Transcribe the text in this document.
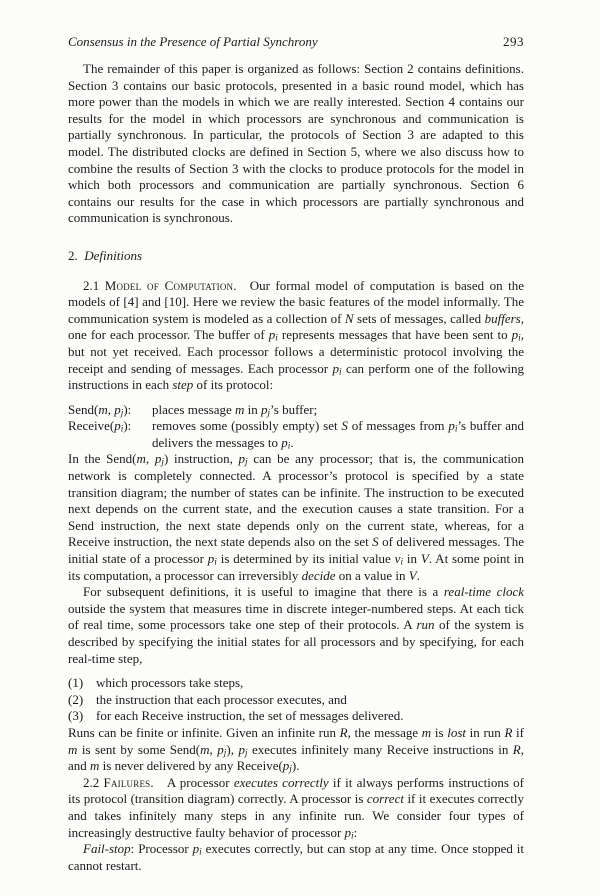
Consensus in the Presence of Partial Synchrony	293

The remainder of this paper is organized as follows: Section 2 contains definitions. Section 3 contains our basic protocols, presented in a basic round model, which has more power than the models in which we are really interested. Section 4 contains our results for the model in which processors are synchronous and communication is partially synchronous. In particular, the protocols of Section 3 are adapted to this model. The distributed clocks are defined in Section 5, where we also discuss how to combine the results of Section 3 with the clocks to produce protocols for the model in which both processors and communication are partially synchronous. Section 6 contains our results for the case in which processors are partially synchronous and communication is synchronous.

2. Definitions

2.1 Model of Computation.  Our formal model of computation is based on the models of [4] and [10]. Here we review the basic features of the model informally. The communication system is modeled as a collection of N sets of messages, called buffers, one for each processor. The buffer of $p_i$ represents messages that have been sent to $p_i$, but not yet received. Each processor follows a deterministic protocol involving the receipt and sending of messages. Each processor $p_i$ can perform one of the following instructions in each step of its protocol:

Send(m, $p_j$):	places message m in $p_j’s$ buffer;
$Receive(p_i)$:	removes some (possibly empty) set S of messages from $p_i’s$ buffer and delivers the messages to $p_i$.

In the Send(m, $p_j$) instruction, $p_j$ can be any processor; that is, the communication network is completely connected. A processor’s protocol is specified by a state transition diagram; the number of states can be infinite. The instruction to be executed next depends on the current state, and the execution causes a state transition. For a Send instruction, the next state depends only on the current state, whereas, for a Receive instruction, the next state depends also on the set S of delivered messages. The initial state of a processor $p_i$ is determined by its initial value $v_i$ in V. At some point in its computation, a processor can irreversibly decide on a value in V.

For subsequent definitions, it is useful to imagine that there is a real-time clock outside the system that measures time in discrete integer-numbered steps. At each tick of real time, some processors take one step of their protocols. A run of the system is described by specifying the initial states for all processors and by specifying, for each real-time step,

(1) which processors take steps,
(2) the instruction that each processor executes, and
(3) for each Receive instruction, the set of messages delivered.

Runs can be finite or infinite. Given an infinite run R, the message m is lost in run R if m is sent by some Send(m, $p_j$), $p_j$ executes infinitely many Receive instructions in R, and m is never delivered by any $Receive(p_j)$.

2.2 Failures.  A processor executes correctly if it always performs instructions of its protocol (transition diagram) correctly. A processor is correct if it executes correctly and takes infinitely many steps in any infinite run. We consider four types of increasingly destructive faulty behavior of processor $p_i$:

Fail-stop: Processor $p_i$ executes correctly, but can stop at any time. Once stopped it cannot restart.
